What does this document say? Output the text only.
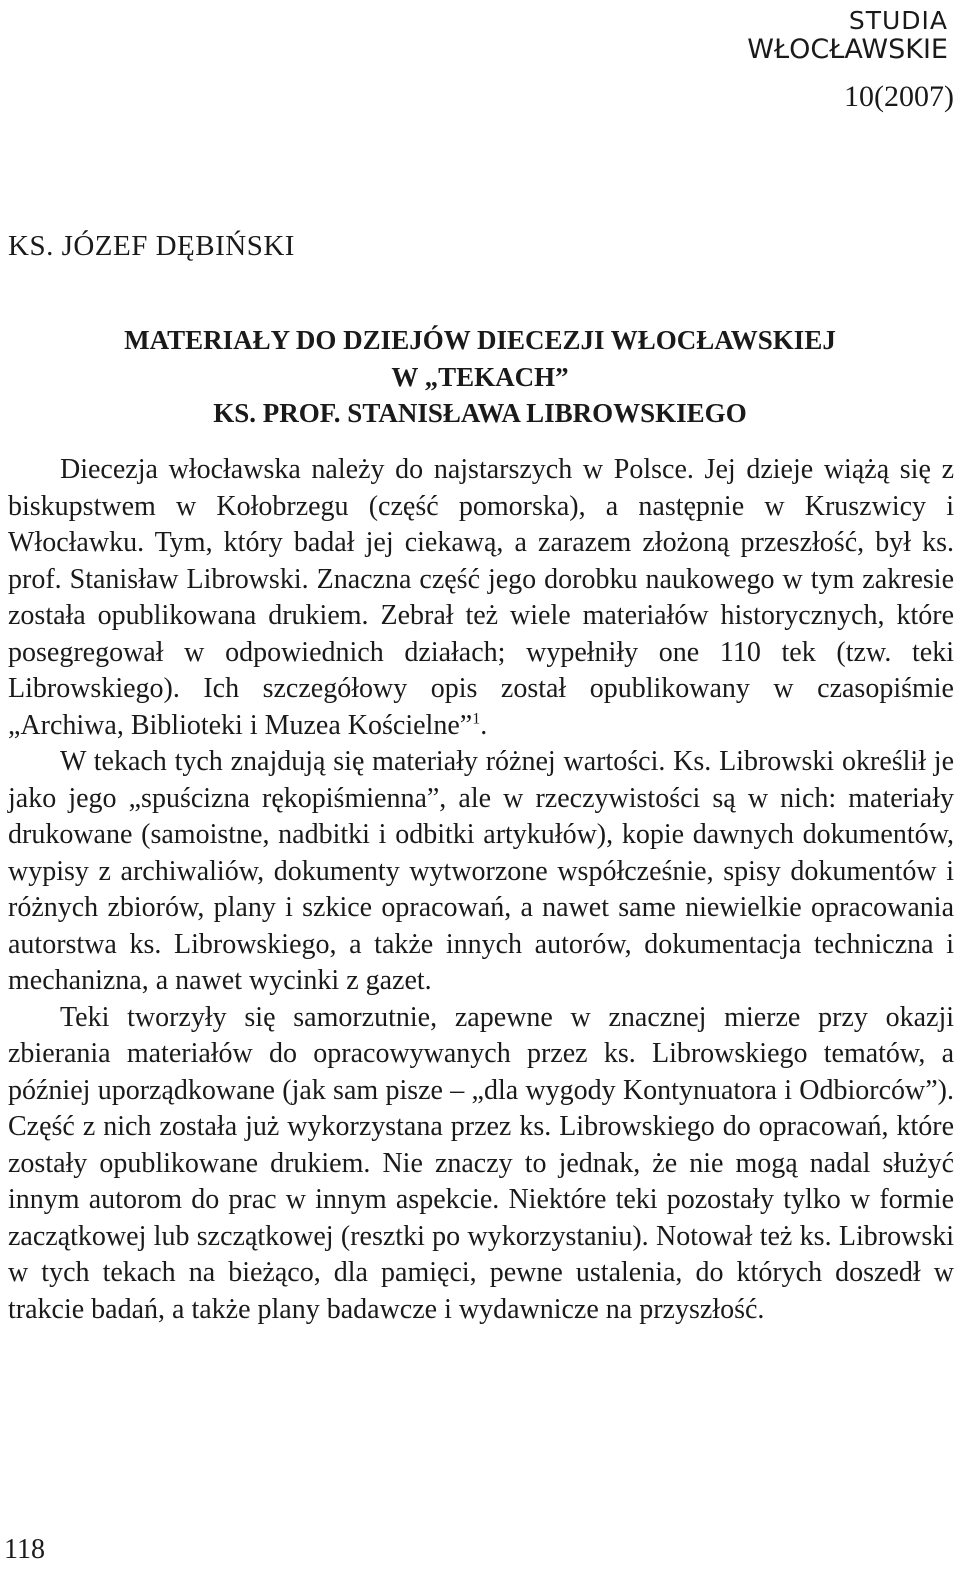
STUDIA
WŁOCŁAWSKIE
10(2007)
KS. JÓZEF DĘBIŃSKI
MATERIAŁY DO DZIEJÓW DIECEZJI WŁOCŁAWSKIEJ
W „TEKACH”
KS. PROF. STANISŁAWA LIBROWSKIEGO

Diecezja włocławska należy do najstarszych w Polsce. Jej dzieje wiążą się z biskupstwem w Kołobrzegu (część pomorska), a następnie w Kruszwicy i Włocławku. Tym, który badał jej ciekawą, a zarazem złożoną przeszłość, był ks. prof. Stanisław Librowski. Znaczna część jego dorobku naukowego w tym zakresie została opublikowana drukiem. Zebrał też wiele materiałów historycznych, które posegregował w odpowiednich działach; wypełniły one 110 tek (tzw. teki Librowskiego). Ich szczegółowy opis został opublikowany w czasopiśmie „Archiwa, Biblioteki i Muzea Kościelne”$^1$.

W tekach tych znajdują się materiały różnej wartości. Ks. Librowski określił je jako jego „spuścizna rękopiśmienna”, ale w rzeczywistości są w nich: materiały drukowane (samoistne, nadbitki i odbitki artykułów), kopie dawnych dokumentów, wypisy z archiwaliów, dokumenty wytworzone współcześnie, spisy dokumentów i różnych zbiorów, plany i szkice opracowań, a nawet same niewielkie opracowania autorstwa ks. Librowskiego, a także innych autorów, dokumentacja techniczna i mechanizna, a nawet wycinki z gazet.

Teki tworzyły się samorzutnie, zapewne w znacznej mierze przy okazji zbierania materiałów do opracowywanych przez ks. Librowskiego tematów, a później uporządkowane (jak sam pisze – „dla wygody Kontynuatora i Odbiorców”). Część z nich została już wykorzystana przez ks. Librowskiego do opracowań, które zostały opublikowane drukiem. Nie znaczy to jednak, że nie mogą nadal służyć innym autorom do prac w innym aspekcie. Niektóre teki pozostały tylko w formie zaczątkowej lub szczątkowej (resztki po wykorzystaniu). Notował też ks. Librowski w tych tekach na bieżąco, dla pamięci, pewne ustalenia, do których doszedł w trakcie badań, a także plany badawcze i wydawnicze na przyszłość.

118
